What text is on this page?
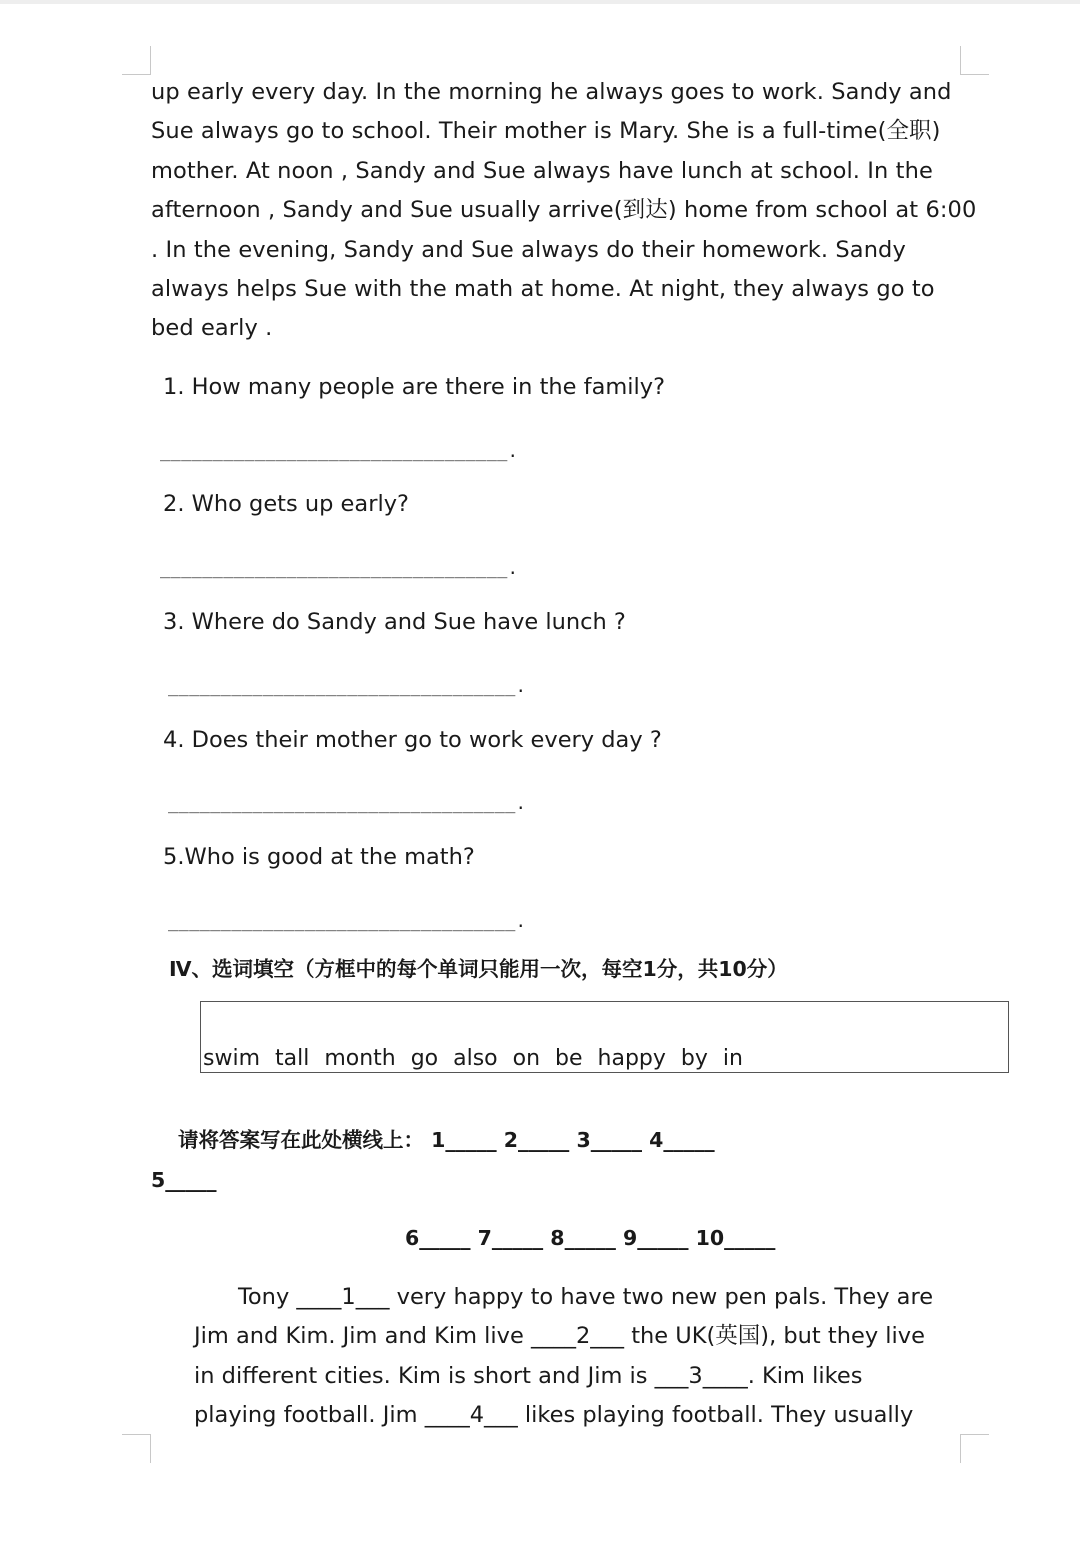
up early every day. In the morning he always goes to work. Sandy and
Sue always go to school. Their mother is Mary. She is a full-time(全职)
mother. At noon , Sandy and Sue always have lunch at school. In the
afternoon , Sandy and Sue usually arrive(到达) home from school at 6:00
. In the evening, Sandy and Sue always do their homework. Sandy
always helps Sue with the math at home. At night, they always go to
bed early .
1. How many people are there in the family?
_________________________________.
2. Who gets up early?
_________________________________.
3. Where do Sandy and Sue have lunch ?
_________________________________.
4. Does their mother go to work every day ?
_________________________________.
5.Who is good at the math?
_________________________________.
Ⅳ、选词填空（方框中的每个单词只能用一次，每空1分，共10分）
swim tall month go also on be happy by in
请将答案写在此处横线上： 1_____ 2_____ 3_____ 4_____
5_____
6_____ 7_____ 8_____ 9_____ 10_____
Tony ____1___ very happy to have two new pen pals. They are
Jim and Kim. Jim and Kim live ____2___ the UK(英国), but they live
in different cities. Kim is short and Jim is ___3____. Kim likes
playing football. Jim ____4___ likes playing football. They usually
